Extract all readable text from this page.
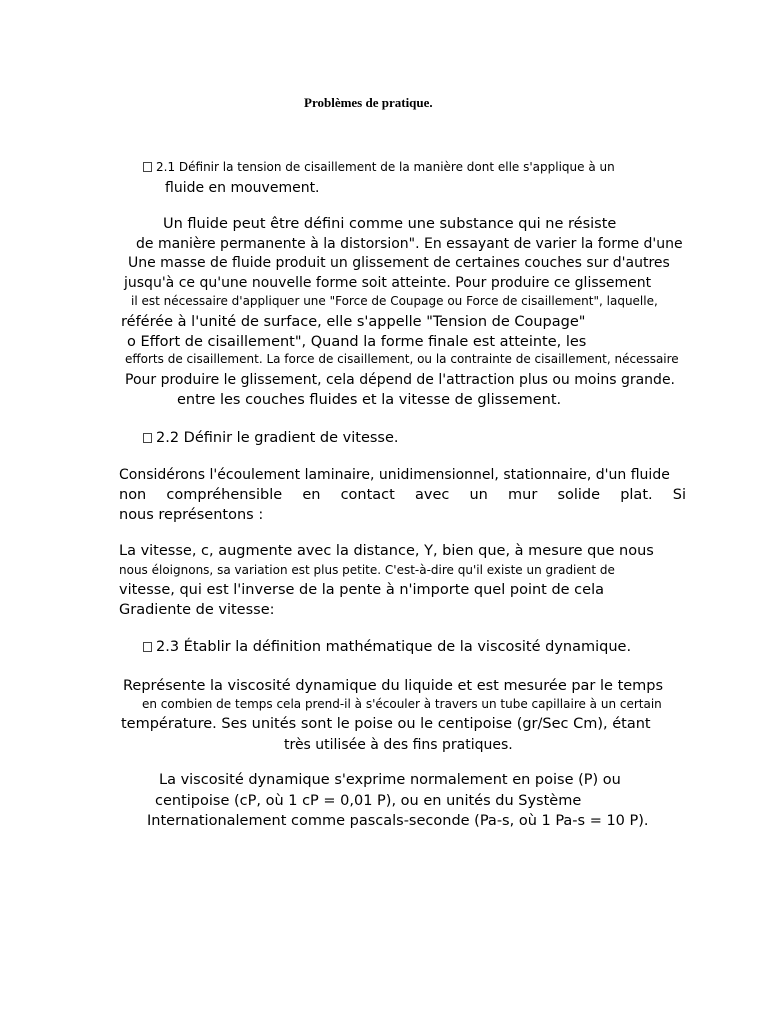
Problèmes de pratique.

2.1 Définir la tension de cisaillement de la manière dont elle s'applique à un

fluide en mouvement.

Un fluide peut être défini comme une substance qui ne résiste

de manière permanente à la distorsion". En essayant de varier la forme d'une

Une masse de fluide produit un glissement de certaines couches sur d'autres

jusqu'à ce qu'une nouvelle forme soit atteinte. Pour produire ce glissement

il est nécessaire d'appliquer une "Force de Coupage ou Force de cisaillement", laquelle,

référée à l'unité de surface, elle s'appelle "Tension de Coupage"

o Effort de cisaillement", Quand la forme finale est atteinte, les

efforts de cisaillement. La force de cisaillement, ou la contrainte de cisaillement, nécessaire

Pour produire le glissement, cela dépend de l'attraction plus ou moins grande.

entre les couches fluides et la vitesse de glissement.

2.2 Définir le gradient de vitesse.

Considérons l'écoulement laminaire, unidimensionnel, stationnaire, d'un fluide

non compréhensible en contact avec un mur solide plat. Si

nous représentons :

La vitesse, c, augmente avec la distance, Y, bien que, à mesure que nous

nous éloignons, sa variation est plus petite. C'est-à-dire qu'il existe un gradient de

vitesse, qui est l'inverse de la pente à n'importe quel point de cela

Gradiente de vitesse:

2.3 Établir la définition mathématique de la viscosité dynamique.

Représente la viscosité dynamique du liquide et est mesurée par le temps

en combien de temps cela prend-il à s'écouler à travers un tube capillaire à un certain

température. Ses unités sont le poise ou le centipoise (gr/Sec Cm), étant

très utilisée à des fins pratiques.

La viscosité dynamique s'exprime normalement en poise (P) ou

centipoise (cP, où 1 cP = 0,01 P), ou en unités du Système

Internationalement comme pascals-seconde (Pa-s, où 1 Pa-s = 10 P).
